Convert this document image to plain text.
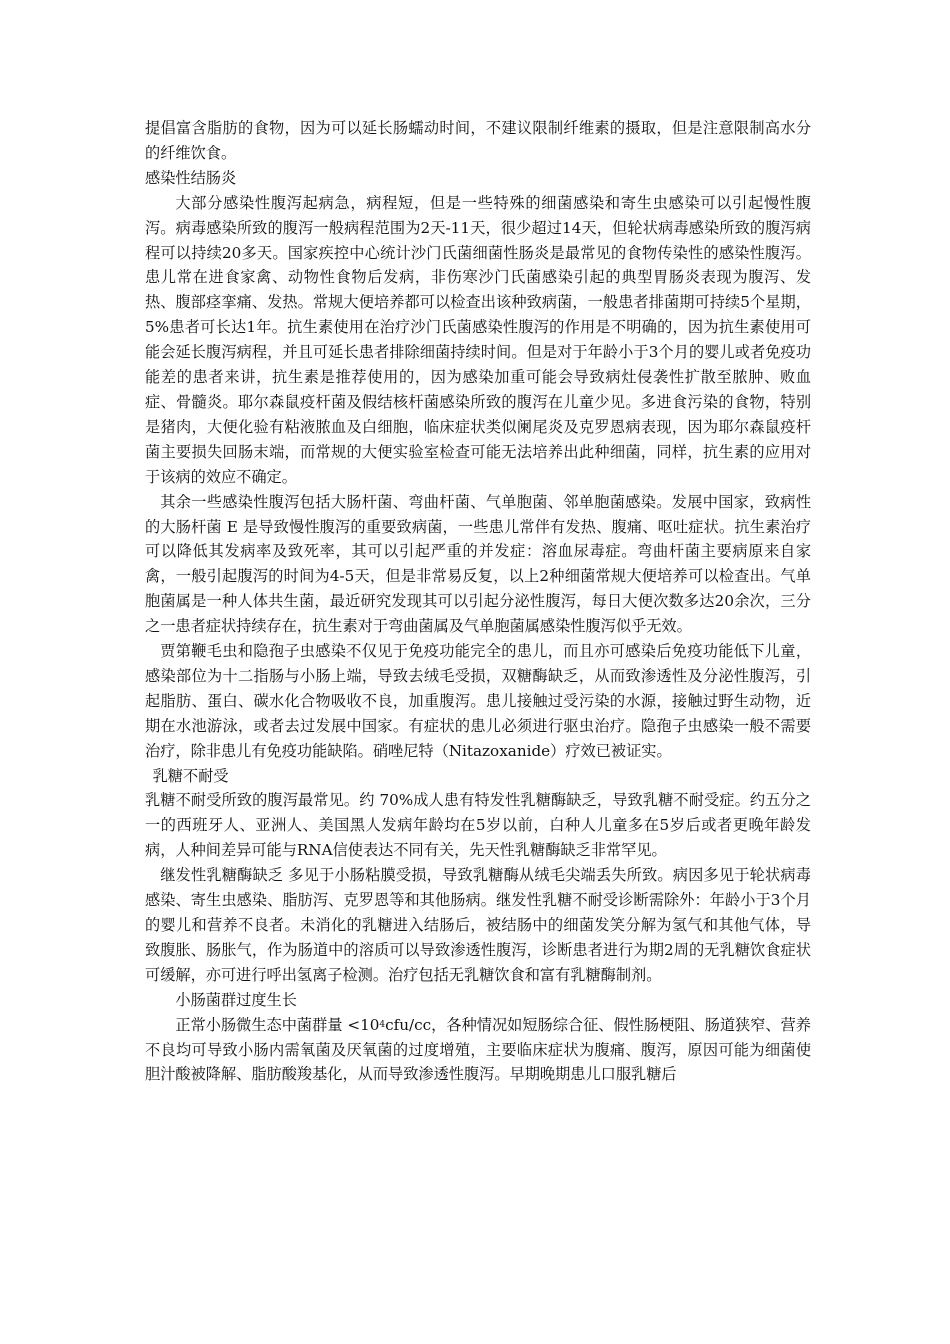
提倡富含脂肪的食物，因为可以延长肠蠕动时间，不建议限制纤维素的摄取，但是注意限制高水分的纤维饮食。

感染性结肠炎

大部分感染性腹泻起病急，病程短，但是一些特殊的细菌感染和寄生虫感染可以引起慢性腹泻。病毒感染所致的腹泻一般病程范围为2天-11天，很少超过14天，但轮状病毒感染所致的腹泻病程可以持续20多天。国家疾控中心统计沙门氏菌细菌性肠炎是最常见的食物传染性的感染性腹泻。患儿常在进食家禽、动物性食物后发病，非伤寒沙门氏菌感染引起的典型胃肠炎表现为腹泻、发热、腹部痉挛痛、发热。常规大便培养都可以检查出该种致病菌，一般患者排菌期可持续5个星期，5%患者可长达1年。抗生素使用在治疗沙门氏菌感染性腹泻的作用是不明确的，因为抗生素使用可能会延长腹泻病程，并且可延长患者排除细菌持续时间。但是对于年龄小于3个月的婴儿或者免疫功能差的患者来讲，抗生素是推荐使用的，因为感染加重可能会导致病灶侵袭性扩散至脓肿、败血症、骨髓炎。耶尔森鼠疫杆菌及假结核杆菌感染所致的腹泻在儿童少见。多进食污染的食物，特别是猪肉，大便化验有粘液脓血及白细胞，临床症状类似阑尾炎及克罗恩病表现，因为耶尔森鼠疫杆菌主要损失回肠末端，而常规的大便实验室检查可能无法培养出此种细菌，同样，抗生素的应用对于该病的效应不确定。

其余一些感染性腹泻包括大肠杆菌、弯曲杆菌、气单胞菌、邻单胞菌感染。发展中国家，致病性的大肠杆菌 E 是导致慢性腹泻的重要致病菌，一些患儿常伴有发热、腹痛、呕吐症状。抗生素治疗可以降低其发病率及致死率，其可以引起严重的并发症：溶血尿毒症。弯曲杆菌主要病原来自家禽，一般引起腹泻的时间为4-5天，但是非常易反复，以上2种细菌常规大便培养可以检查出。气单胞菌属是一种人体共生菌，最近研究发现其可以引起分泌性腹泻，每日大便次数多达20余次，三分之一患者症状持续存在，抗生素对于弯曲菌属及气单胞菌属感染性腹泻似乎无效。

贾第鞭毛虫和隐孢子虫感染不仅见于免疫功能完全的患儿，而且亦可感染后免疫功能低下儿童，感染部位为十二指肠与小肠上端，导致去绒毛受损，双糖酶缺乏，从而致渗透性及分泌性腹泻，引起脂肪、蛋白、碳水化合物吸收不良，加重腹泻。患儿接触过受污染的水源，接触过野生动物，近期在水池游泳，或者去过发展中国家。有症状的患儿必须进行驱虫治疗。隐孢子虫感染一般不需要治疗，除非患儿有免疫功能缺陷。硝唑尼特（Nitazoxanide）疗效已被证实。

乳糖不耐受

乳糖不耐受所致的腹泻最常见。约 70%成人患有特发性乳糖酶缺乏，导致乳糖不耐受症。约五分之一的西班牙人、亚洲人、美国黑人发病年龄均在5岁以前，白种人儿童多在5岁后或者更晚年龄发病，人种间差异可能与RNA信使表达不同有关，先天性乳糖酶缺乏非常罕见。

继发性乳糖酶缺乏 多见于小肠粘膜受损，导致乳糖酶从绒毛尖端丢失所致。病因多见于轮状病毒感染、寄生虫感染、脂肪泻、克罗恩等和其他肠病。继发性乳糖不耐受诊断需除外：年龄小于3个月的婴儿和营养不良者。未消化的乳糖进入结肠后，被结肠中的细菌发笑分解为氢气和其他气体，导致腹胀、肠胀气，作为肠道中的溶质可以导致渗透性腹泻，诊断患者进行为期2周的无乳糖饮食症状可缓解，亦可进行呼出氢离子检测。治疗包括无乳糖饮食和富有乳糖酶制剂。

小肠菌群过度生长

正常小肠微生态中菌群量 $<10^4cfu/cc$，各种情况如短肠综合征、假性肠梗阻、肠道狭窄、营养不良均可导致小肠内需氧菌及厌氧菌的过度增殖，主要临床症状为腹痛、腹泻，原因可能为细菌使胆汁酸被降解、脂肪酸羧基化，从而导致渗透性腹泻。早期晚期患儿口服乳糖后
